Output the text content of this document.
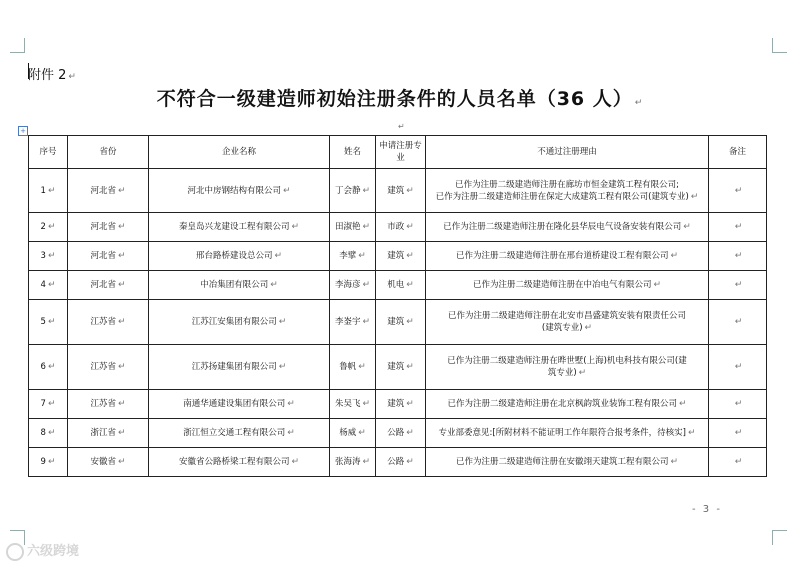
附件 2 ↵
不符合一级建造师初始注册条件的人员名单（36 人） ↵
+	↵
序号	省份	企业名称	姓名	申请注册专业	不通过注册理由	备注
1 ↵	河北省 ↵	河北中房钢结构有限公司 ↵	丁会静 ↵	建筑 ↵	已作为注册二级建造师注册在廊坊市恒金建筑工程有限公司;
已作为注册二级建造师注册在保定大成建筑工程有限公司(建筑专业) ↵	↵
2 ↵	河北省 ↵	秦皇岛兴龙建设工程有限公司 ↵	田淑艳 ↵	市政 ↵	已作为注册二级建造师注册在隆化县华辰电气设备安装有限公司 ↵	↵
3 ↵	河北省 ↵	邢台路桥建设总公司 ↵	李擘 ↵	建筑 ↵	已作为注册二级建造师注册在邢台道桥建设工程有限公司 ↵	↵
4 ↵	河北省 ↵	中冶集团有限公司 ↵	李海彦 ↵	机电 ↵	已作为注册二级建造师注册在中冶电气有限公司 ↵	↵
5 ↵	江苏省 ↵	江苏江安集团有限公司 ↵	李崟宇 ↵	建筑 ↵	已作为注册二级建造师注册在北安市昌盛建筑安装有限责任公司
(建筑专业) ↵	↵
6 ↵	江苏省 ↵	江苏扬建集团有限公司 ↵	鲁帆 ↵	建筑 ↵	已作为注册二级建造师注册在晔世墅(上海)机电科技有限公司(建
筑专业) ↵	↵
7 ↵	江苏省 ↵	南通华通建设集团有限公司 ↵	朱吴飞 ↵	建筑 ↵	已作为注册二级建造师注册在北京枫韵筑业装饰工程有限公司 ↵	↵
8 ↵	浙江省 ↵	浙江恒立交通工程有限公司 ↵	杨威 ↵	公路 ↵	专业部委意见:[所附材料不能证明工作年限符合报考条件，待核实] ↵	↵
9 ↵	安徽省 ↵	安徽省公路桥梁工程有限公司 ↵	张海涛 ↵	公路 ↵	已作为注册二级建造师注册在安徽翊天建筑工程有限公司 ↵	↵
- 3 -
六级跨境
